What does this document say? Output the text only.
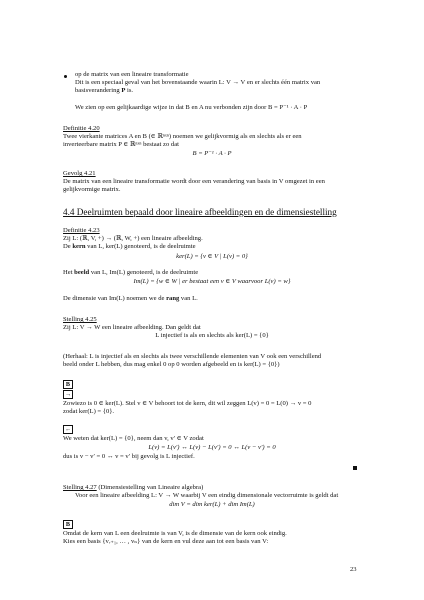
op de matrix van een lineaire transformatie
Dit is een speciaal geval van het bovenstaande waarin L: V → V en er slechts één matrix van
basisverandering P is.
We zien op een gelijkaardige wijze in dat B en A nu verbonden zijn door B = P⁻¹ · A · P
Definitie 4.20
Twee vierkante matrices A en B (∈ ℝⁿˣⁿ) noemen we gelijkvormig als en slechts als er een
inverteerbare matrix P ∈ ℝⁿˣⁿ bestaat zo dat
B = P⁻¹ · A · P
Gevolg 4.21
De matrix van een lineaire transformatie wordt door een verandering van basis in V omgezet in een
gelijkvormige matrix.
4.4 Deelruimten bepaald door lineaire afbeeldingen en de dimensiestelling
Definitie 4.23
Zij L: (ℝ, V, +) → (ℝ, W, +) een lineaire afbeelding.
De kern van L, ker(L) genoteerd, is de deelruimte
ker(L) = {v ∈ V | L(v) = 0}
Het beeld van L, Im(L) genoteerd, is de deelruimte
Im(L) = {w ∈ W | er bestaat een v ∈ V waarvoor L(v) = w}
De dimensie van Im(L) noemen we de rang van L.
Stelling 4.25
Zij L: V → W een lineaire afbeelding. Dan geldt dat
L injectief is als en slechts als ker(L) = {0}
(Herhaal: L is injectief als en slechts als twee verschillende elementen van V ook een verschillend
beeld onder L hebben, dus mag enkel 0 op 0 worden afgebeeld en is ker(L) = {0})
B
→
Zowiezo is 0 ∈ ker(L). Stel v ∈ V behoort tot de kern, dit wil zeggen L(v) = 0 = L(0) → v = 0
zodat ker(L) = {0}.
←
We weten dat ker(L) = {0}, neem dan v, v′ ∈ V zodat
L(v) = L(v′) ↔ L(v) − L(v′) = 0 ↔ L(v − v′) = 0
dus is v − v′ = 0 ↔ v = v′ bij gevolg is L injectief.
Stelling 4.27 (Dimensiestelling van Lineaire algebra)
Voor een lineaire afbeelding L: V → W waarbij V een eindig dimensionale vectorruimte is geldt dat
dim V = dim ker(L) + dim Im(L)
B
Omdat de kern van L een deelruimte is van V, is de dimensie van de kern ook eindig.
Kies een basis {vᵣ₊₁, … , vₙ} van de kern en vul deze aan tot een basis van V:
23
